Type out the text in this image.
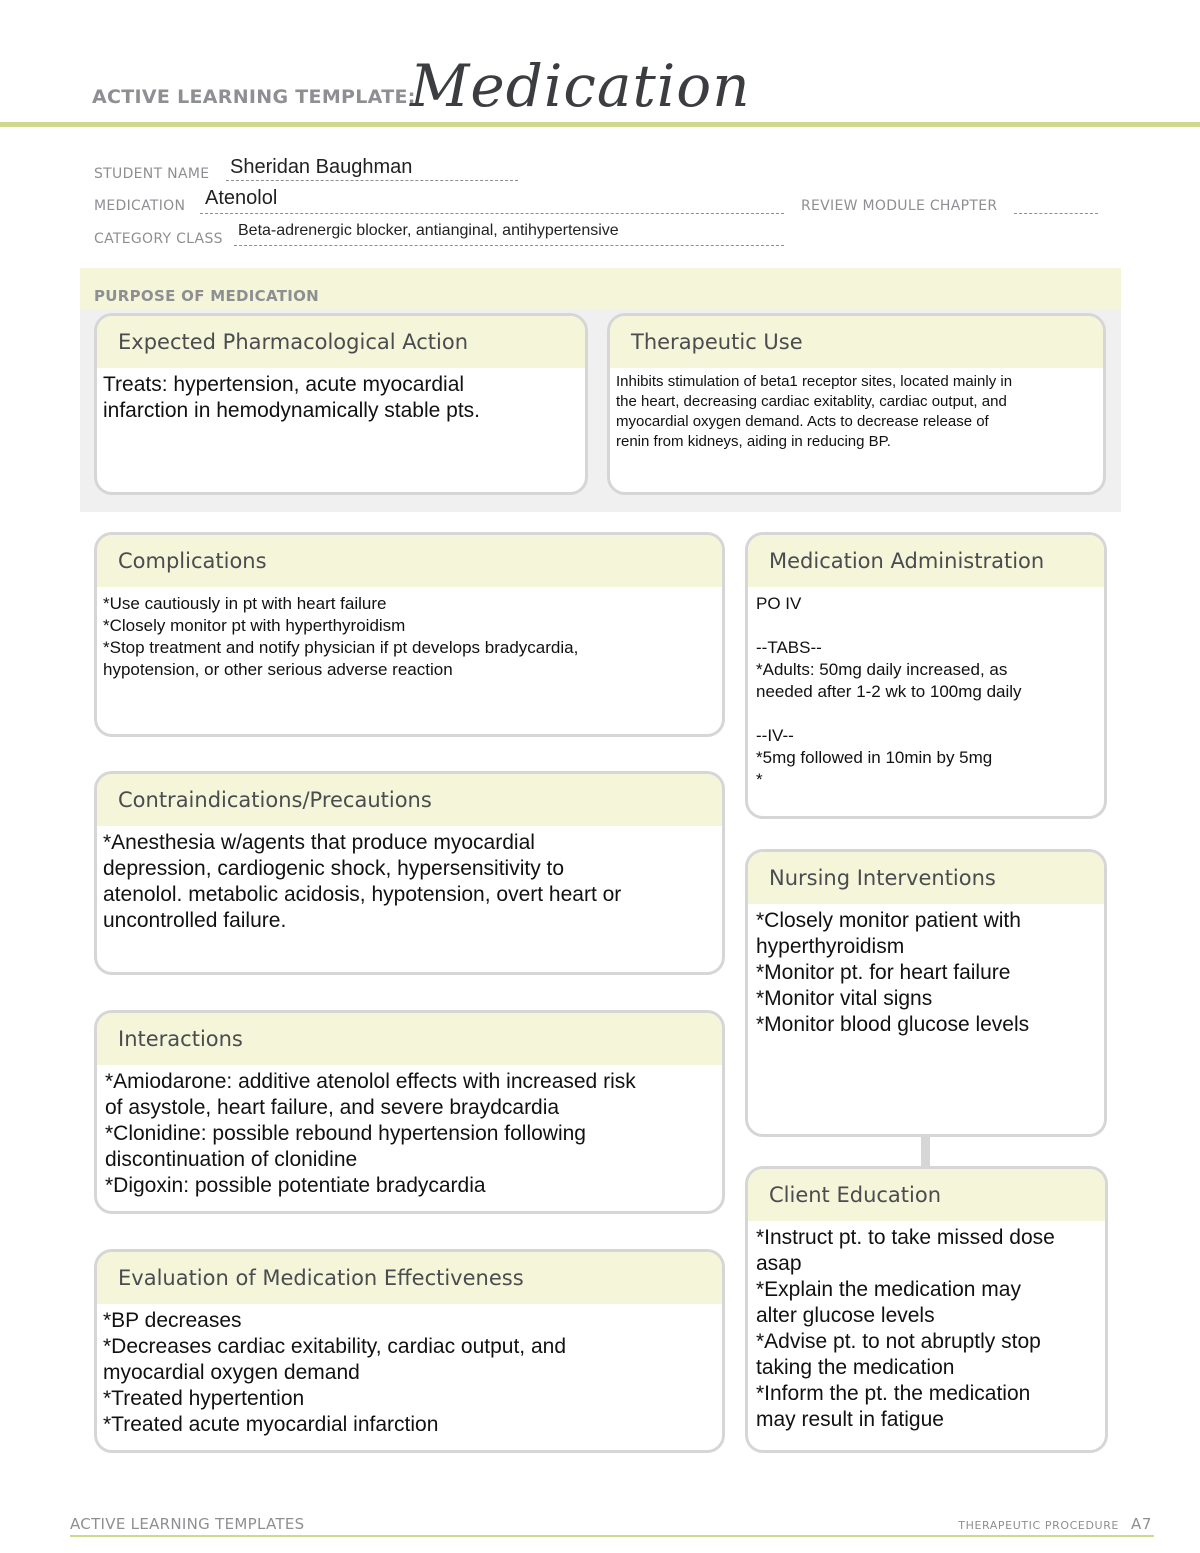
ACTIVE LEARNING TEMPLATE:
Medication
STUDENT NAME Sheridan Baughman
MEDICATION Atenolol	REVIEW MODULE CHAPTER
CATEGORY CLASS Beta-adrenergic blocker, antianginal, antihypertensive
PURPOSE OF MEDICATION
Expected Pharmacological Action
Treats: hypertension, acute myocardial
infarction in hemodynamically stable pts.
Therapeutic Use
Inhibits stimulation of beta1 receptor sites, located mainly in
the heart, decreasing cardiac exitablity, cardiac output, and
myocardial oxygen demand. Acts to decrease release of
renin from kidneys, aiding in reducing BP.
Complications
*Use cautiously in pt with heart failure
*Closely monitor pt with hyperthyroidism
*Stop treatment and notify physician if pt develops bradycardia,
hypotension, or other serious adverse reaction
Contraindications/Precautions
*Anesthesia w/agents that produce myocardial
depression, cardiogenic shock, hypersensitivity to
atenolol. metabolic acidosis, hypotension, overt heart or
uncontrolled failure.
Interactions
*Amiodarone: additive atenolol effects with increased risk
of asystole, heart failure, and severe braydcardia
*Clonidine: possible rebound hypertension following
discontinuation of clonidine
*Digoxin: possible potentiate bradycardia
Evaluation of Medication Effectiveness
*BP decreases
*Decreases cardiac exitability, cardiac output, and
myocardial oxygen demand
*Treated hypertention
*Treated acute myocardial infarction
Medication Administration
PO IV

--TABS--
*Adults: 50mg daily increased, as
needed after 1-2 wk to 100mg daily

--IV--
*5mg followed in 10min by 5mg
*
Nursing Interventions
*Closely monitor patient with
hyperthyroidism
*Monitor pt. for heart failure
*Monitor vital signs
*Monitor blood glucose levels
Client Education
*Instruct pt. to take missed dose
asap
*Explain the medication may
alter glucose levels
*Advise pt. to not abruptly stop
taking the medication
*Inform the pt. the medication
may result in fatigue
ACTIVE LEARNING TEMPLATES	THERAPEUTIC PROCEDURE A7
